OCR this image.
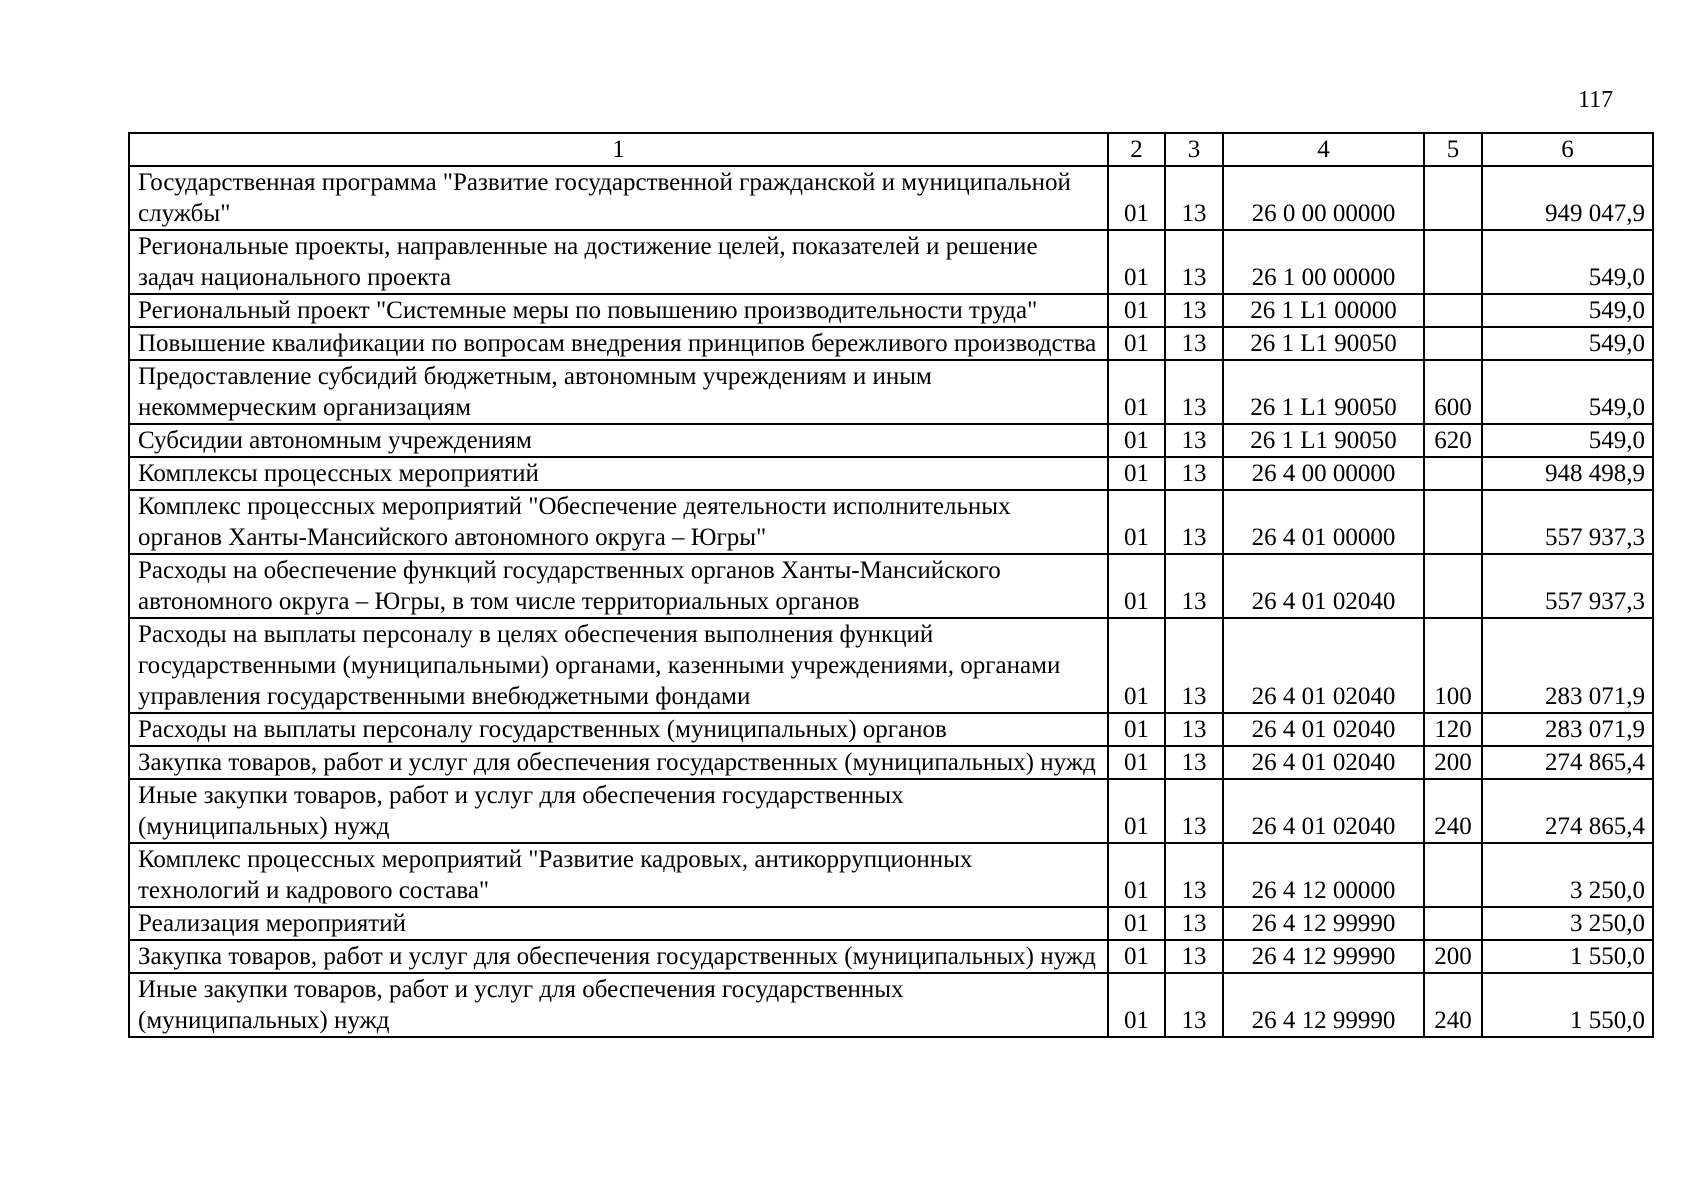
117
1	2	3	4	5	6
Государственная программа "Развитие государственной гражданской и муниципальной службы"	01	13	26 0 00 00000		949 047,9
Региональные проекты, направленные на достижение целей, показателей и решение задач национального проекта	01	13	26 1 00 00000		549,0
Региональный проект "Системные меры по повышению производительности труда"	01	13	26 1 L1 00000		549,0
Повышение квалификации по вопросам внедрения принципов бережливого производства	01	13	26 1 L1 90050		549,0
Предоставление субсидий бюджетным, автономным учреждениям и иным некоммерческим организациям	01	13	26 1 L1 90050	600	549,0
Субсидии автономным учреждениям	01	13	26 1 L1 90050	620	549,0
Комплексы процессных мероприятий	01	13	26 4 00 00000		948 498,9
Комплекс процессных мероприятий "Обеспечение деятельности исполнительных органов Ханты-Мансийского автономного округа – Югры"	01	13	26 4 01 00000		557 937,3
Расходы на обеспечение функций государственных органов Ханты-Мансийского автономного округа – Югры, в том числе территориальных органов	01	13	26 4 01 02040		557 937,3
Расходы на выплаты персоналу в целях обеспечения выполнения функций государственными (муниципальными) органами, казенными учреждениями, органами управления государственными внебюджетными фондами	01	13	26 4 01 02040	100	283 071,9
Расходы на выплаты персоналу государственных (муниципальных) органов	01	13	26 4 01 02040	120	283 071,9
Закупка товаров, работ и услуг для обеспечения государственных (муниципальных) нужд	01	13	26 4 01 02040	200	274 865,4
Иные закупки товаров, работ и услуг для обеспечения государственных (муниципальных) нужд	01	13	26 4 01 02040	240	274 865,4
Комплекс процессных мероприятий "Развитие кадровых, антикоррупционных технологий и кадрового состава"	01	13	26 4 12 00000		3 250,0
Реализация мероприятий	01	13	26 4 12 99990		3 250,0
Закупка товаров, работ и услуг для обеспечения государственных (муниципальных) нужд	01	13	26 4 12 99990	200	1 550,0
Иные закупки товаров, работ и услуг для обеспечения государственных (муниципальных) нужд	01	13	26 4 12 99990	240	1 550,0
